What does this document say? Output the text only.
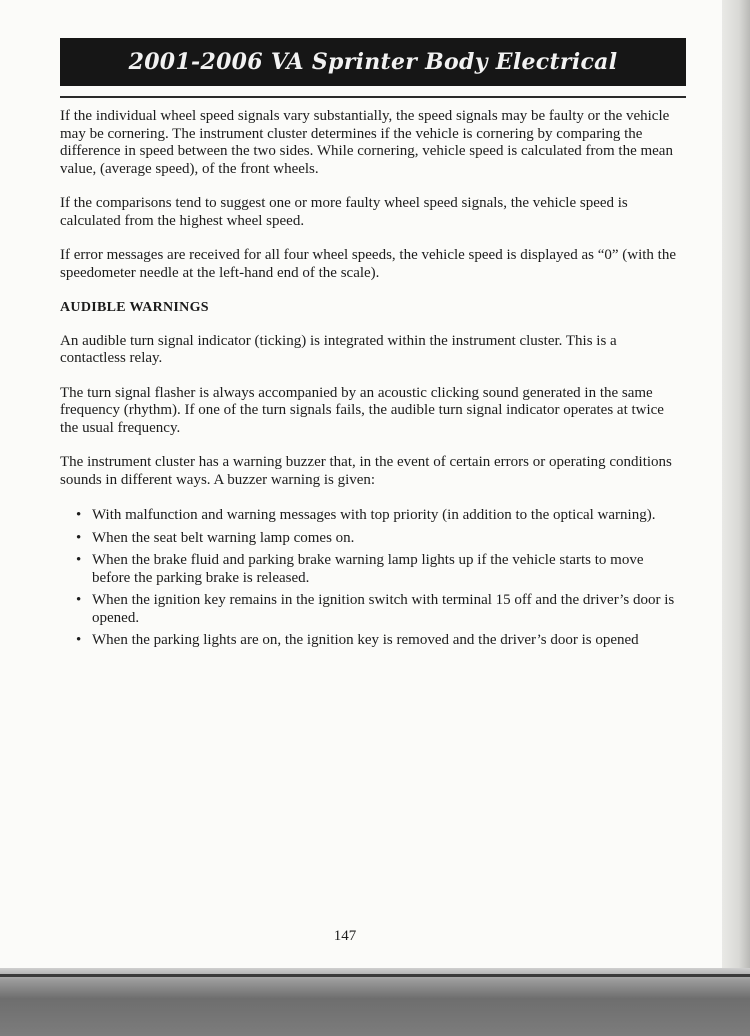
2001-2006 VA Sprinter Body Electrical

If the individual wheel speed signals vary substantially, the speed signals may be faulty or the vehicle may be cornering. The instrument cluster determines if the vehicle is cornering by comparing the difference in speed between the two sides. While cornering, vehicle speed is calculated from the mean value, (average speed), of the front wheels.

If the comparisons tend to suggest one or more faulty wheel speed signals, the vehicle speed is calculated from the highest wheel speed.

If error messages are received for all four wheel speeds, the vehicle speed is displayed as “0” (with the speedometer needle at the left-hand end of the scale).

AUDIBLE WARNINGS

An audible turn signal indicator (ticking) is integrated within the instrument cluster. This is a contactless relay.

The turn signal flasher is always accompanied by an acoustic clicking sound generated in the same frequency (rhythm). If one of the turn signals fails, the audible turn signal indicator operates at twice the usual frequency.

The instrument cluster has a warning buzzer that, in the event of certain errors or operating conditions sounds in different ways. A buzzer warning is given:

• With malfunction and warning messages with top priority (in addition to the optical warning).
• When the seat belt warning lamp comes on.
• When the brake fluid and parking brake warning lamp lights up if the vehicle starts to move before the parking brake is released.
• When the ignition key remains in the ignition switch with terminal 15 off and the driver’s door is opened.
• When the parking lights are on, the ignition key is removed and the driver’s door is opened
147
